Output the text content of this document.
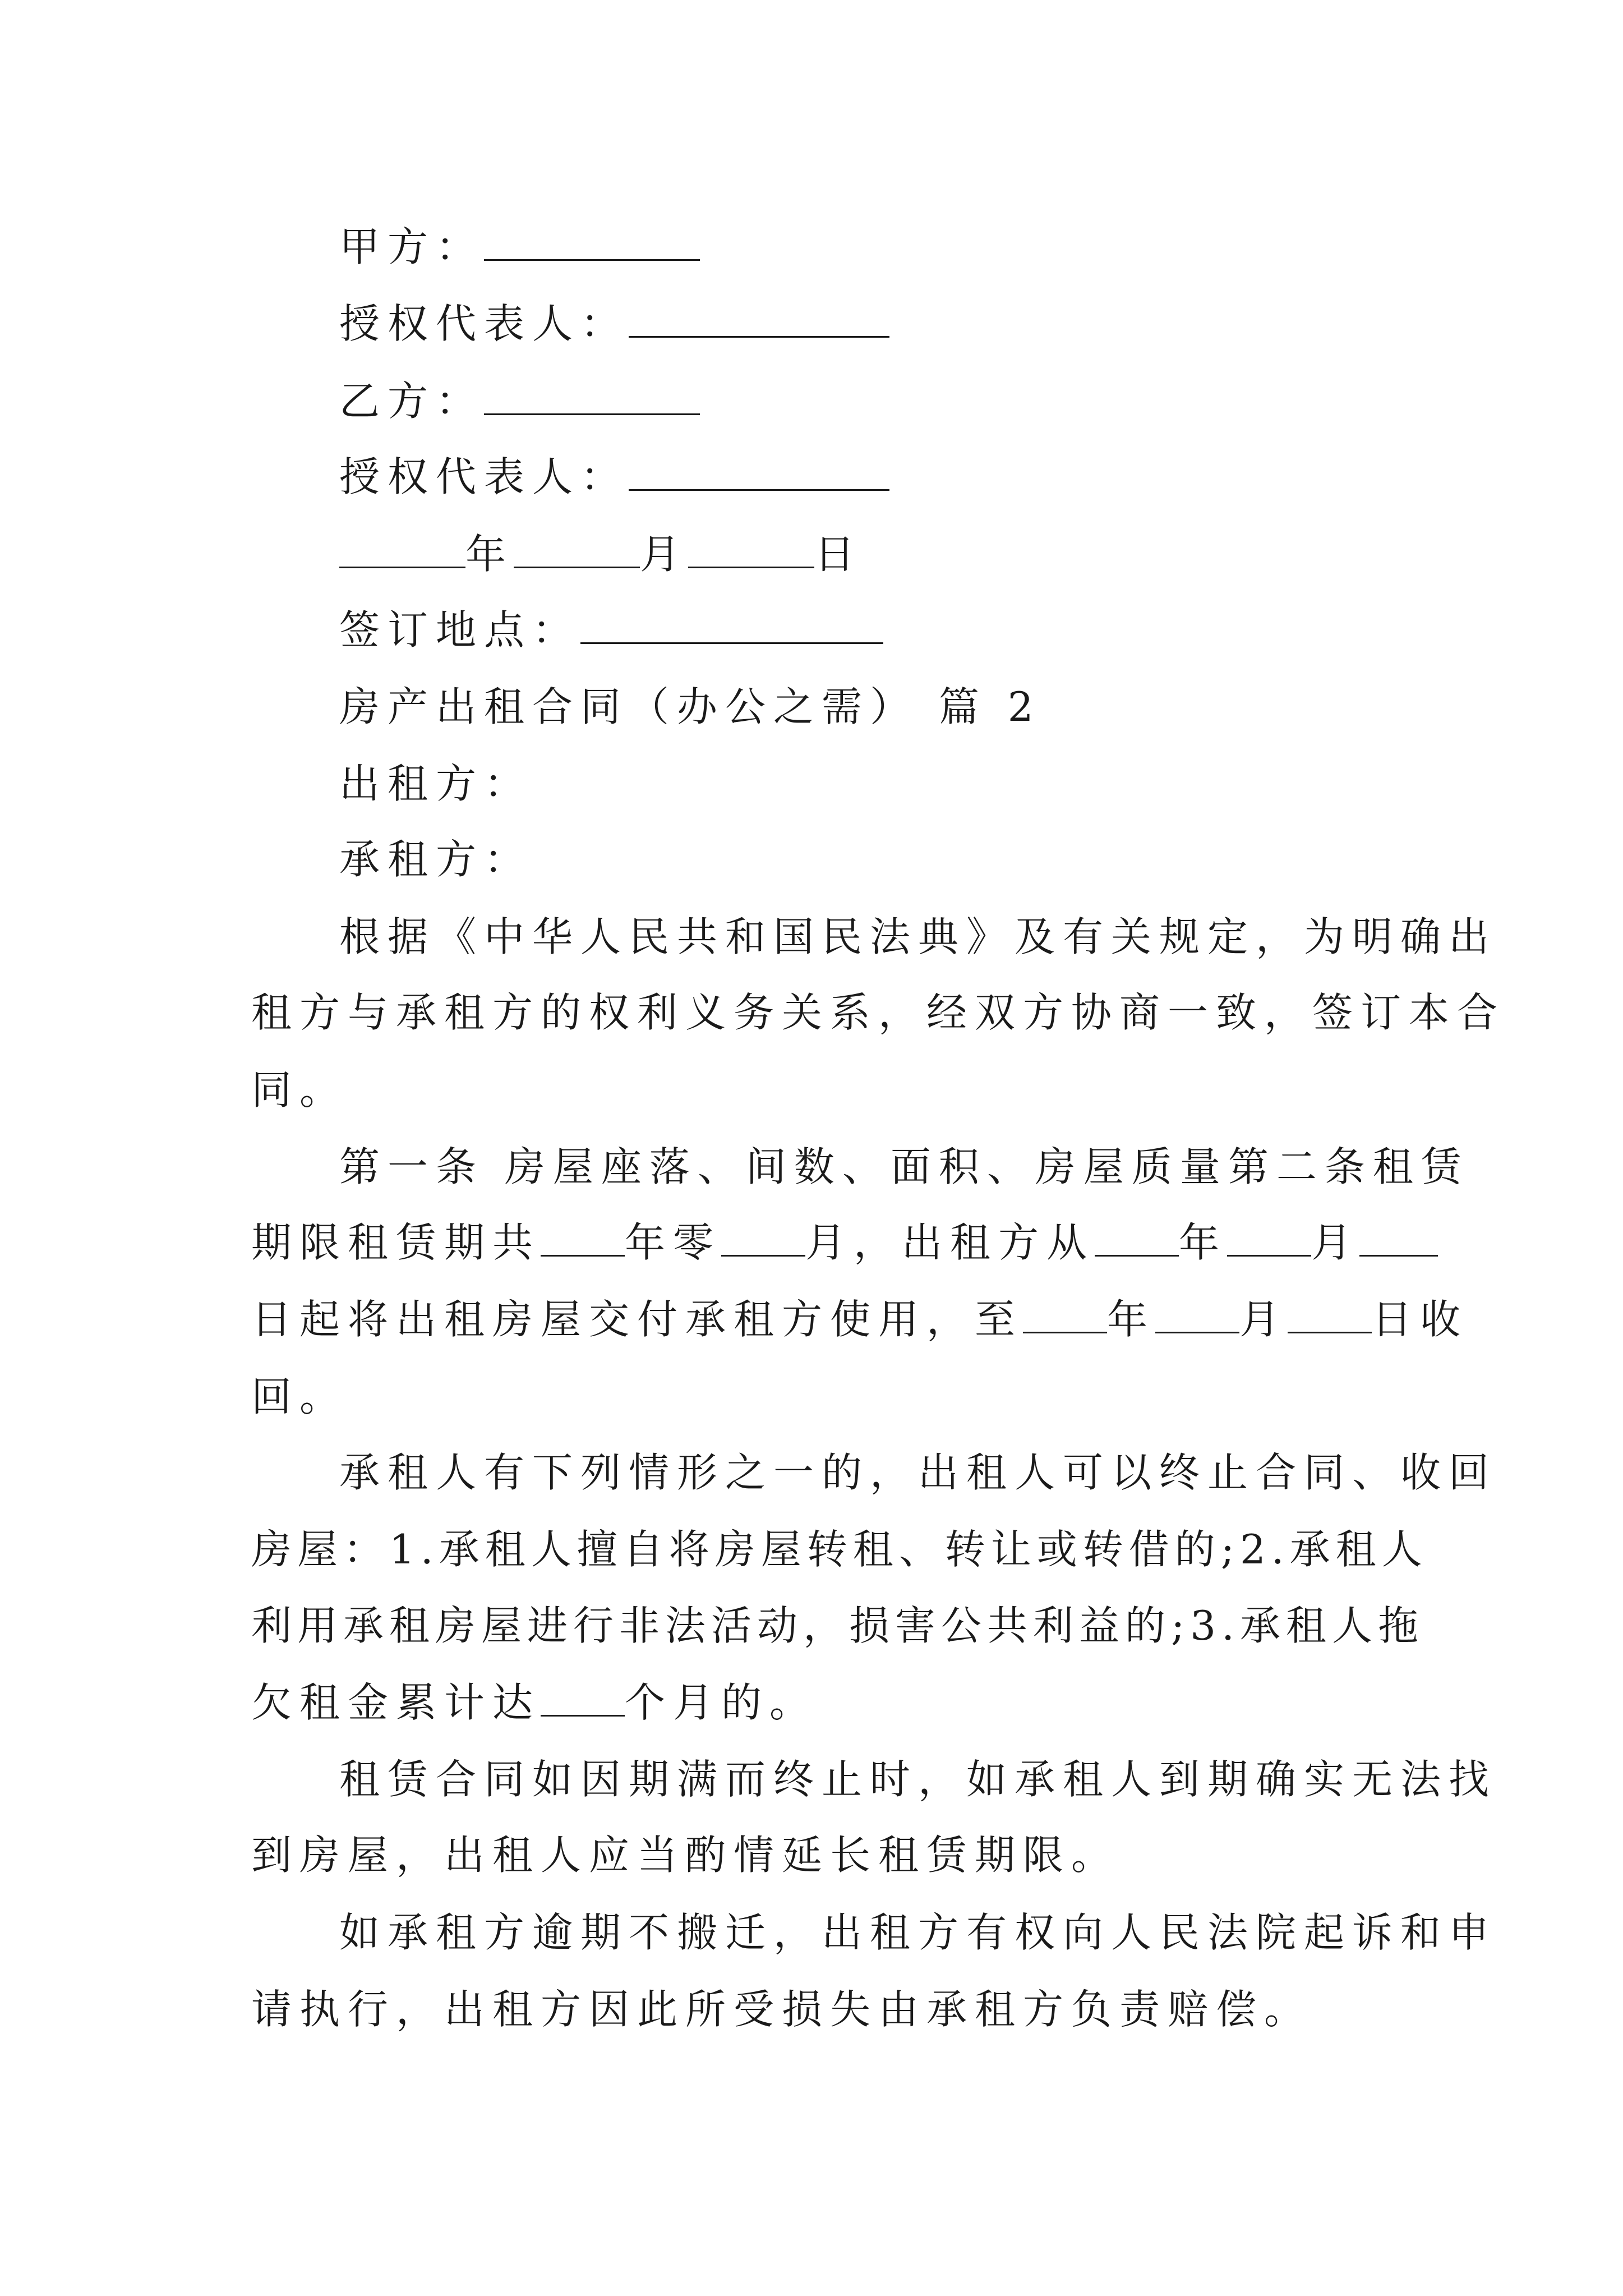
甲方：
授权代表人：
乙方：
授权代表人：
年	月	日
签订地点：
房产出租合同（办公之需） 篇 2
出租方：
承租方：
根据《中华人民共和国民法典》及有关规定，为明确出
租方与承租方的权利义务关系，经双方协商一致，签订本合
同。
第一条 房屋座落、间数、面积、房屋质量第二条租赁
期限租赁期共 年零 月，出租方从 年 月
日起将出租房屋交付承租方使用，至 年 月 日收
回。
承租人有下列情形之一的，出租人可以终止合同、收回
房屋：1.承租人擅自将房屋转租、转让或转借的;2.承租人
利用承租房屋进行非法活动，损害公共利益的;3.承租人拖
欠租金累计达 个月的。
租赁合同如因期满而终止时，如承租人到期确实无法找
到房屋，出租人应当酌情延长租赁期限。
如承租方逾期不搬迁，出租方有权向人民法院起诉和申
请执行，出租方因此所受损失由承租方负责赔偿。
